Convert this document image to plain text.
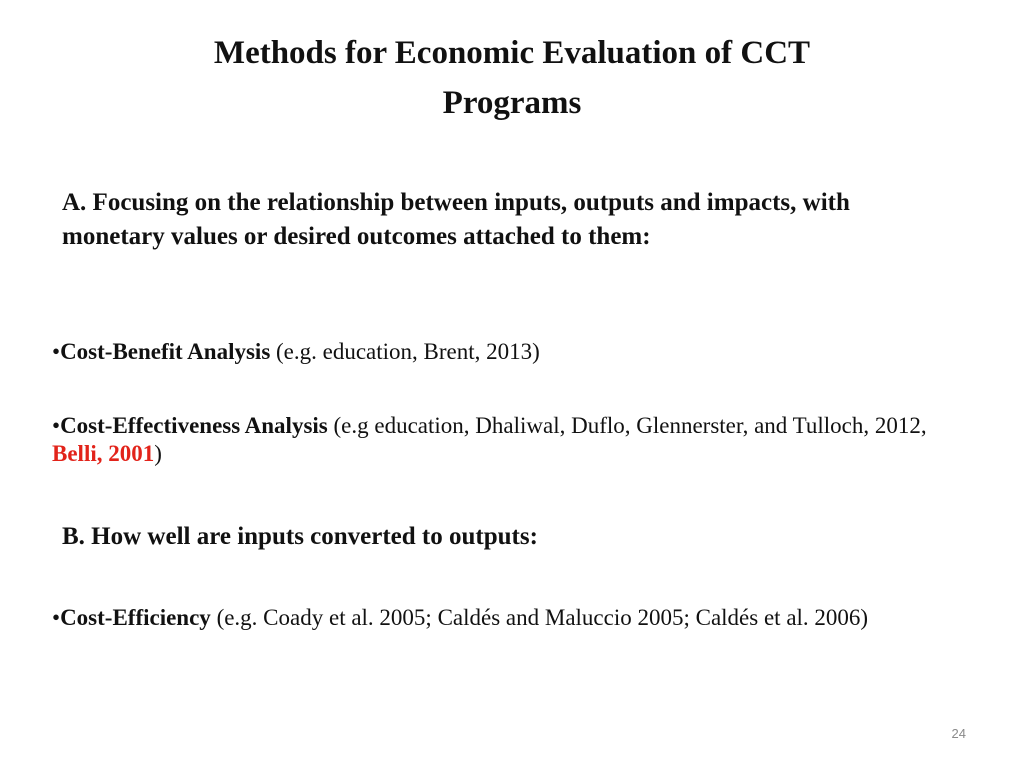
Methods for Economic Evaluation of CCT
Programs
A. Focusing on the relationship between inputs, outputs and impacts, with monetary values or desired outcomes attached to them:
•Cost-Benefit Analysis (e.g. education, Brent, 2013)
•Cost-Effectiveness Analysis (e.g education, Dhaliwal, Duflo, Glennerster, and Tulloch, 2012, Belli, 2001)
B. How well are inputs converted to outputs:
•Cost-Efficiency (e.g. Coady et al. 2005; Caldés and Maluccio 2005; Caldés et al. 2006)
24
